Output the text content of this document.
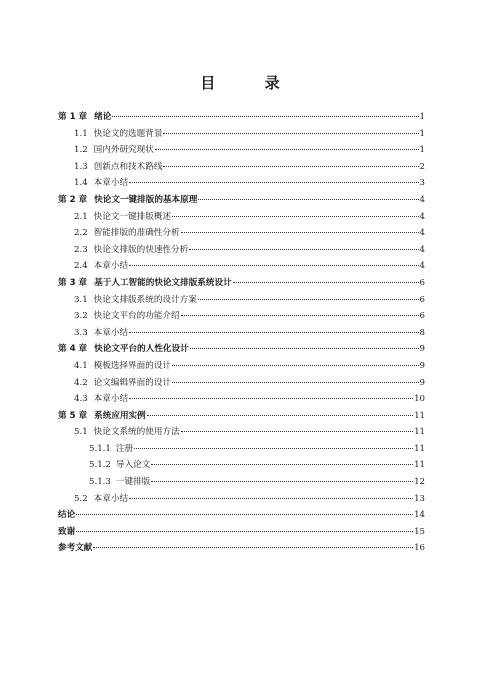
目 录
第 1 章 绪论	1
1.1 快论文的选题背景	1
1.2 国内外研究现状	1
1.3 创新点和技术路线	2
1.4 本章小结	3
第 2 章 快论文一键排版的基本原理	4
2.1 快论文一键排版概述	4
2.2 智能排版的准确性分析	4
2.3 快论文排版的快速性分析	4
2.4 本章小结	4
第 3 章 基于人工智能的快论文排版系统设计	6
3.1 快论文排版系统的设计方案	6
3.2 快论文平台的功能介绍	6
3.3 本章小结	8
第 4 章 快论文平台的人性化设计	9
4.1 模板选择界面的设计	9
4.2 论文编辑界面的设计	9
4.3 本章小结	10
第 5 章 系统应用实例	11
5.1 快论文系统的使用方法	11
5.1.1 注册	11
5.1.2 导入论文	11
5.1.3 一键排版	12
5.2 本章小结	13
结论	14
致谢	15
参考文献	16
